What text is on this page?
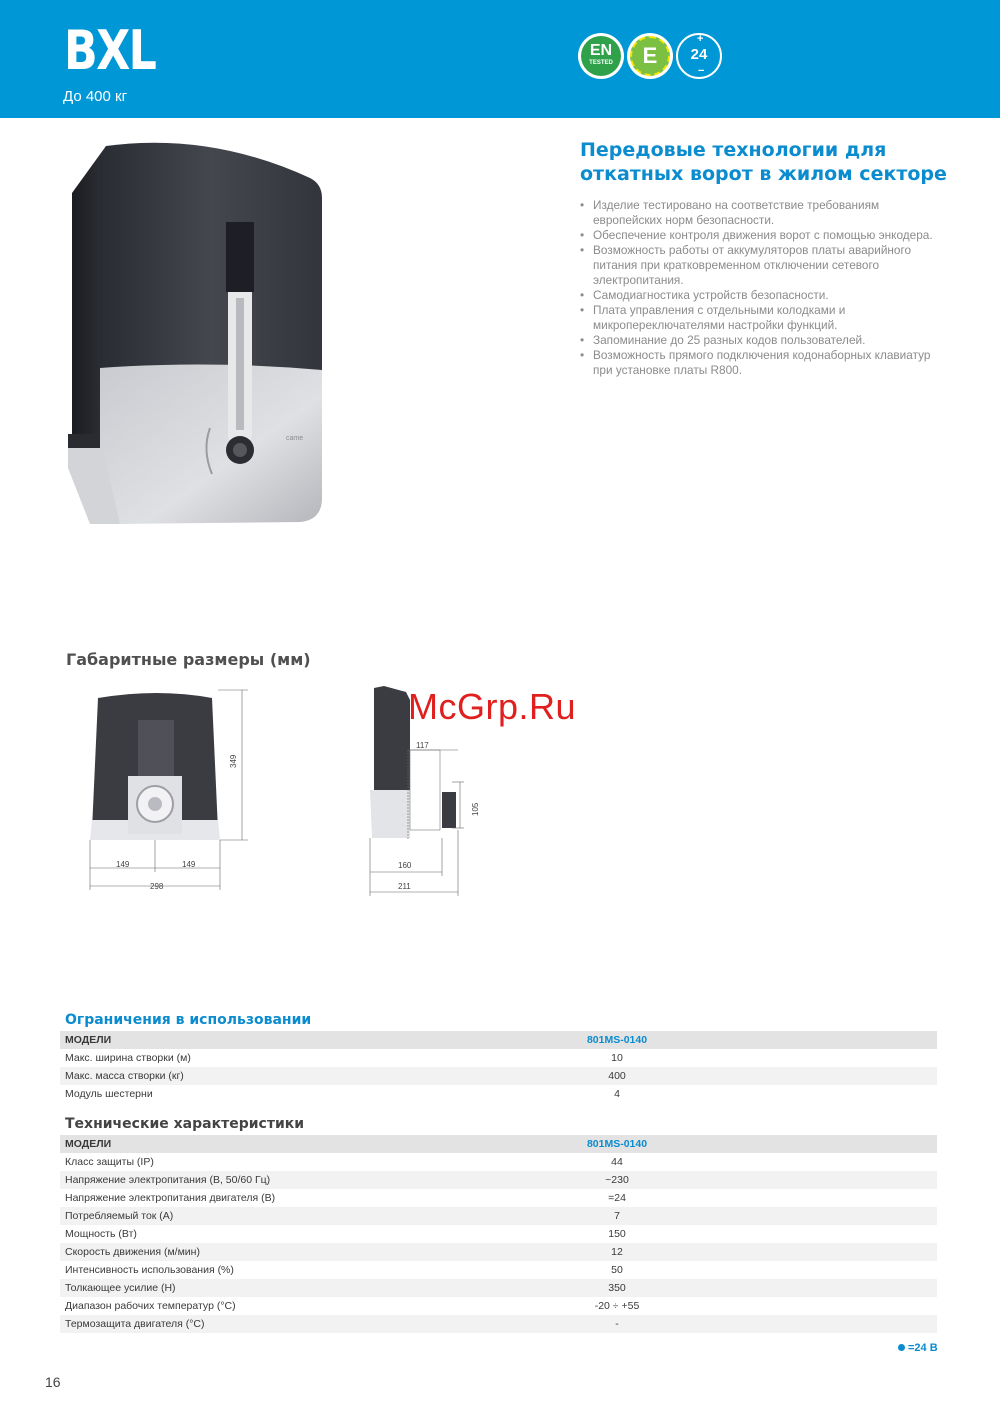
BXL
До 400 кг
EN
TESTED	E
+
24
−
came
Передовые технологии для
откатных ворот в жилом секторе
• Изделие тестировано на соответствие требованиям европейских норм безопасности.
• Обеспечение контроля движения ворот с помощью энкодера.
• Возможность работы от аккумуляторов платы аварийного питания при кратковременном отключении сетевого электропитания.
• Самодиагностика устройств безопасности.
• Плата управления с отдельными колодками и микропереключателями настройки функций.
• Запоминание до 25 разных кодов пользователей.
• Возможность прямого подключения кодонаборных клавиатур при установке платы R800.
Габаритные размеры (мм)
349
149	149
298
117
105
160
211
McGrp.Ru
Ограничения в использовании
МОДЕЛИ	801MS-0140
Макс. ширина створки (м)	10
Макс. масса створки (кг)	400
Модуль шестерни	4
Технические характеристики
МОДЕЛИ	801MS-0140
Класс защиты (IP)	44
Напряжение электропитания (В, 50/60 Гц)	~230
Напряжение электропитания двигателя (В)	=24
Потребляемый ток (А)	7
Мощность (Вт)	150
Скорость движения (м/мин)	12
Интенсивность использования (%)	50
Толкающее усилие (Н)	350
Диапазон рабочих температур (°C)	-20 ÷ +55
Термозащита двигателя (°C)	-
=24 В
16
